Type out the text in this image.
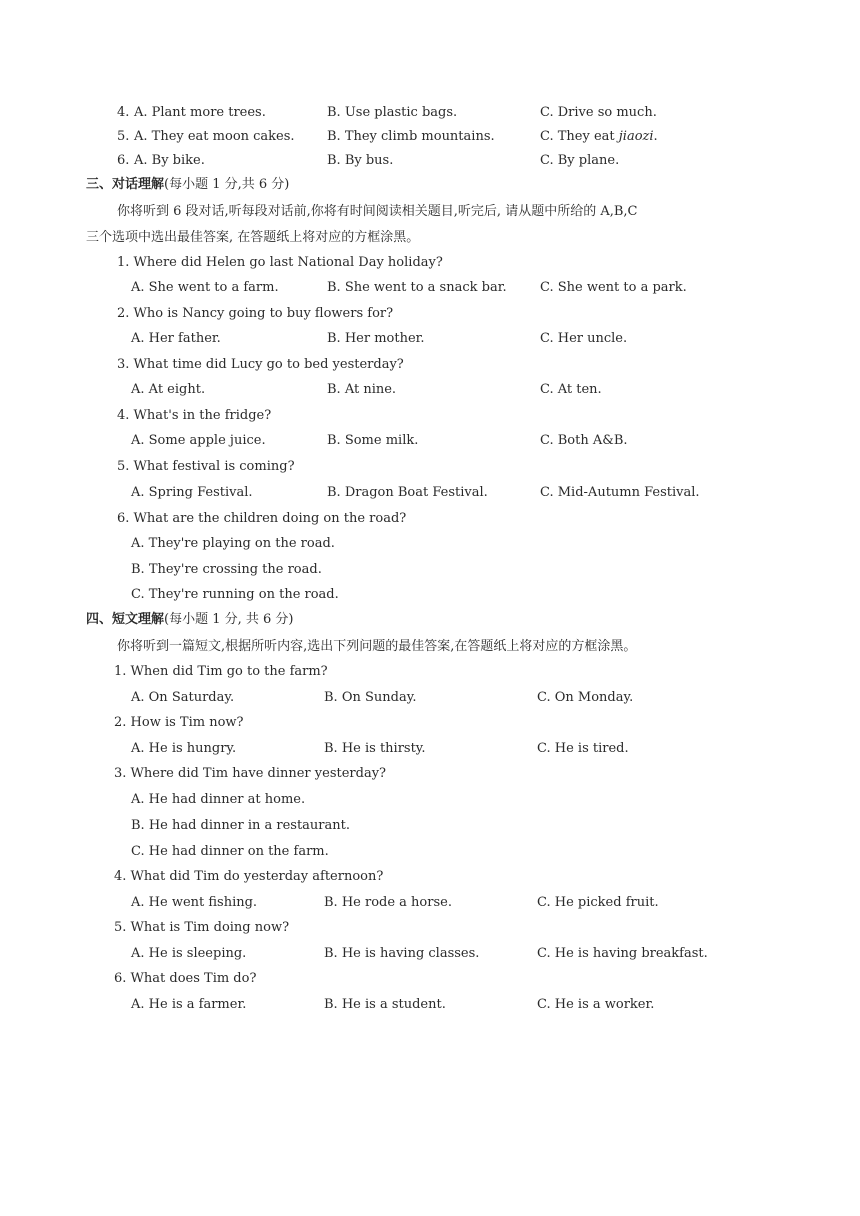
4. A. Plant more trees.	B. Use plastic bags.	C. Drive so much.
5. A. They eat moon cakes. B. They climb mountains.	C. They eat jiaozi.
6. A. By bike.	B. By bus.	C. By plane.
三、对话理解(每小题 1 分,共 6 分)
你将听到 6 段对话,听每段对话前,你将有时间阅读相关题目,听完后, 请从题中所给的 A,B,C
三个选项中选出最佳答案, 在答题纸上将对应的方框涂黑。
1. Where did Helen go last National Day holiday?
A. She went to a farm.	B. She went to a snack bar.	C. She went to a park.
2. Who is Nancy going to buy flowers for?
A. Her father.	B. Her mother.	C. Her uncle.
3. What time did Lucy go to bed yesterday?
A. At eight.	B. At nine.	C. At ten.
4. What's in the fridge?
A. Some apple juice.	B. Some milk.	C. Both A&B.
5. What festival is coming?
A. Spring Festival.	B. Dragon Boat Festival.	C. Mid-Autumn Festival.
6. What are the children doing on the road?
A. They're playing on the road.
B. They're crossing the road.
C. They're running on the road.
四、短文理解(每小题 1 分, 共 6 分)
你将听到一篇短文,根据所听内容,选出下列问题的最佳答案,在答题纸上将对应的方框涂黑。
1. When did Tim go to the farm?
A. On Saturday.	B. On Sunday.	C. On Monday.
2. How is Tim now?
A. He is hungry.	B. He is thirsty.	C. He is tired.
3. Where did Tim have dinner yesterday?
A. He had dinner at home.
B. He had dinner in a restaurant.
C. He had dinner on the farm.
4. What did Tim do yesterday afternoon?
A. He went fishing.	B. He rode a horse.	C. He picked fruit.
5. What is Tim doing now?
A. He is sleeping.	B. He is having classes.	C. He is having breakfast.
6. What does Tim do?
A. He is a farmer.	B. He is a student.	C. He is a worker.
